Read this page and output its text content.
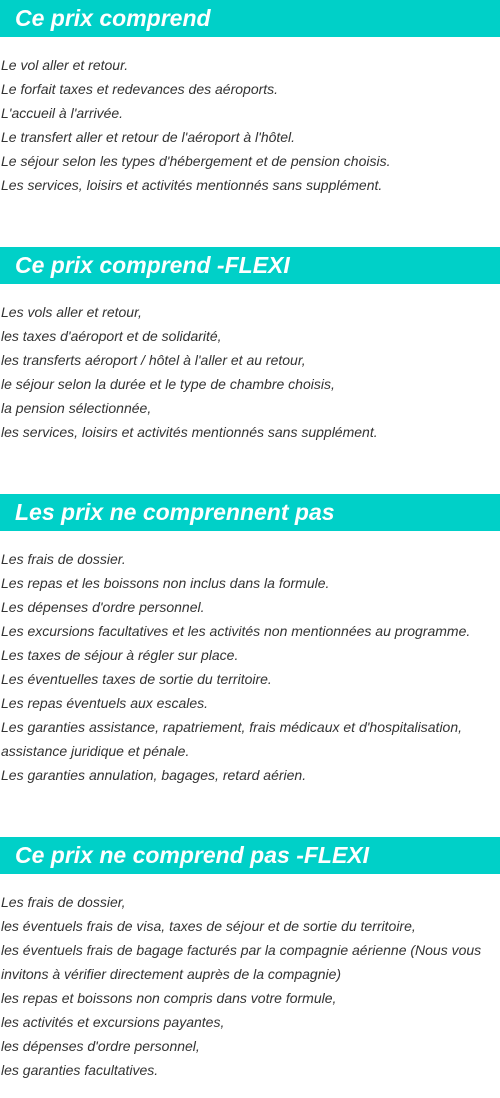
Ce prix comprend
Le vol aller et retour.
Le forfait taxes et redevances des aéroports.
L'accueil à l'arrivée.
Le transfert aller et retour de l'aéroport à l'hôtel.
Le séjour selon les types d'hébergement et de pension choisis.
Les services, loisirs et activités mentionnés sans supplément.
Ce prix comprend -FLEXI
Les vols aller et retour,
les taxes d'aéroport et de solidarité,
les transferts aéroport / hôtel à l'aller et au retour,
le séjour selon la durée et le type de chambre choisis,
la pension sélectionnée,
les services, loisirs et activités mentionnés sans supplément.
Les prix ne comprennent pas
Les frais de dossier.
Les repas et les boissons non inclus dans la formule.
Les dépenses d'ordre personnel.
Les excursions facultatives et les activités non mentionnées au programme.
Les taxes de séjour à régler sur place.
Les éventuelles taxes de sortie du territoire.
Les repas éventuels aux escales.
Les garanties assistance, rapatriement, frais médicaux et d'hospitalisation,
assistance juridique et pénale.
Les garanties annulation, bagages, retard aérien.
Ce prix ne comprend pas -FLEXI
Les frais de dossier,
les éventuels frais de visa, taxes de séjour et de sortie du territoire,
les éventuels frais de bagage facturés par la compagnie aérienne (Nous vous
invitons à vérifier directement auprès de la compagnie)
les repas et boissons non compris dans votre formule,
les activités et excursions payantes,
les dépenses d'ordre personnel,
les garanties facultatives.
